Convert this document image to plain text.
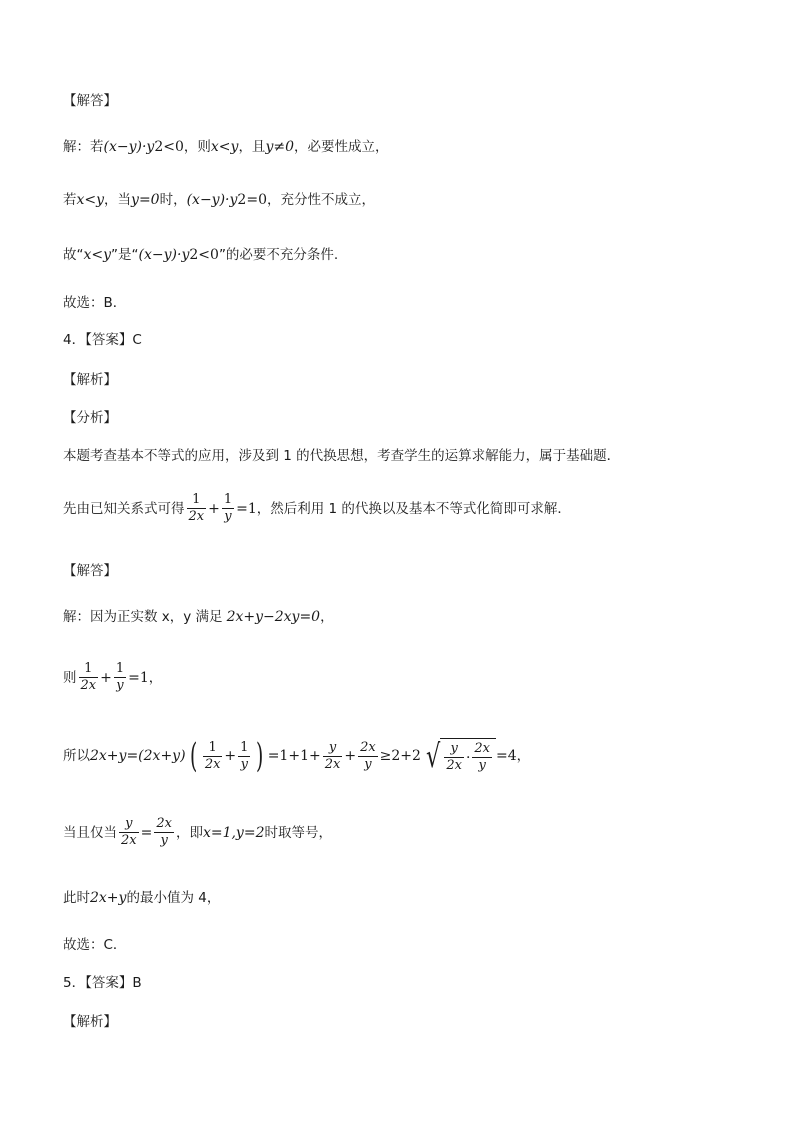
【解答】
解：若 (x−y)·y 2 <0 ，则 x<y ，且 y≠0 ，必要性成立，
若 x<y ，当 y=0 时， (x−y)·y 2 =0 ，充分性不成立，
故“ x<y ”是“ (x−y)·y 2 <0 ”的必要不充分条件.
故选：B．
4．【答案】C
【解析】
【分析】
本题考查基本不等式的应用，涉及到 1 的代换思想，考查学生的运算求解能力，属于基础题．
先由已知关系式可得 $\frac{1}{2x} + \frac{1}{y} =1$ ，然后利用 1 的代换以及基本不等式化简即可求解．
【解答】
解：因为正实数 x，y 满足 2x+y−2xy=0 ，
则 $\frac{1}{2x} + \frac{1}{y} =1$ ，
所以 2x+y=(2x+y) ( $\frac{1}{2x} + \frac{1}{y}$ ) $=1+1+ \frac{y}{2x} + \frac{2x}{y} \ge 2+2$ √ $\frac{y}{2x} \cdot \frac{2x}{y} =4$ ，
当且仅当 $\frac{y}{2x} = \frac{2x}{y}$ ，即 x=1,y=2 时取等号，
此时 2x+y 的最小值为 4，
故选：C．
5．【答案】B
【解析】
